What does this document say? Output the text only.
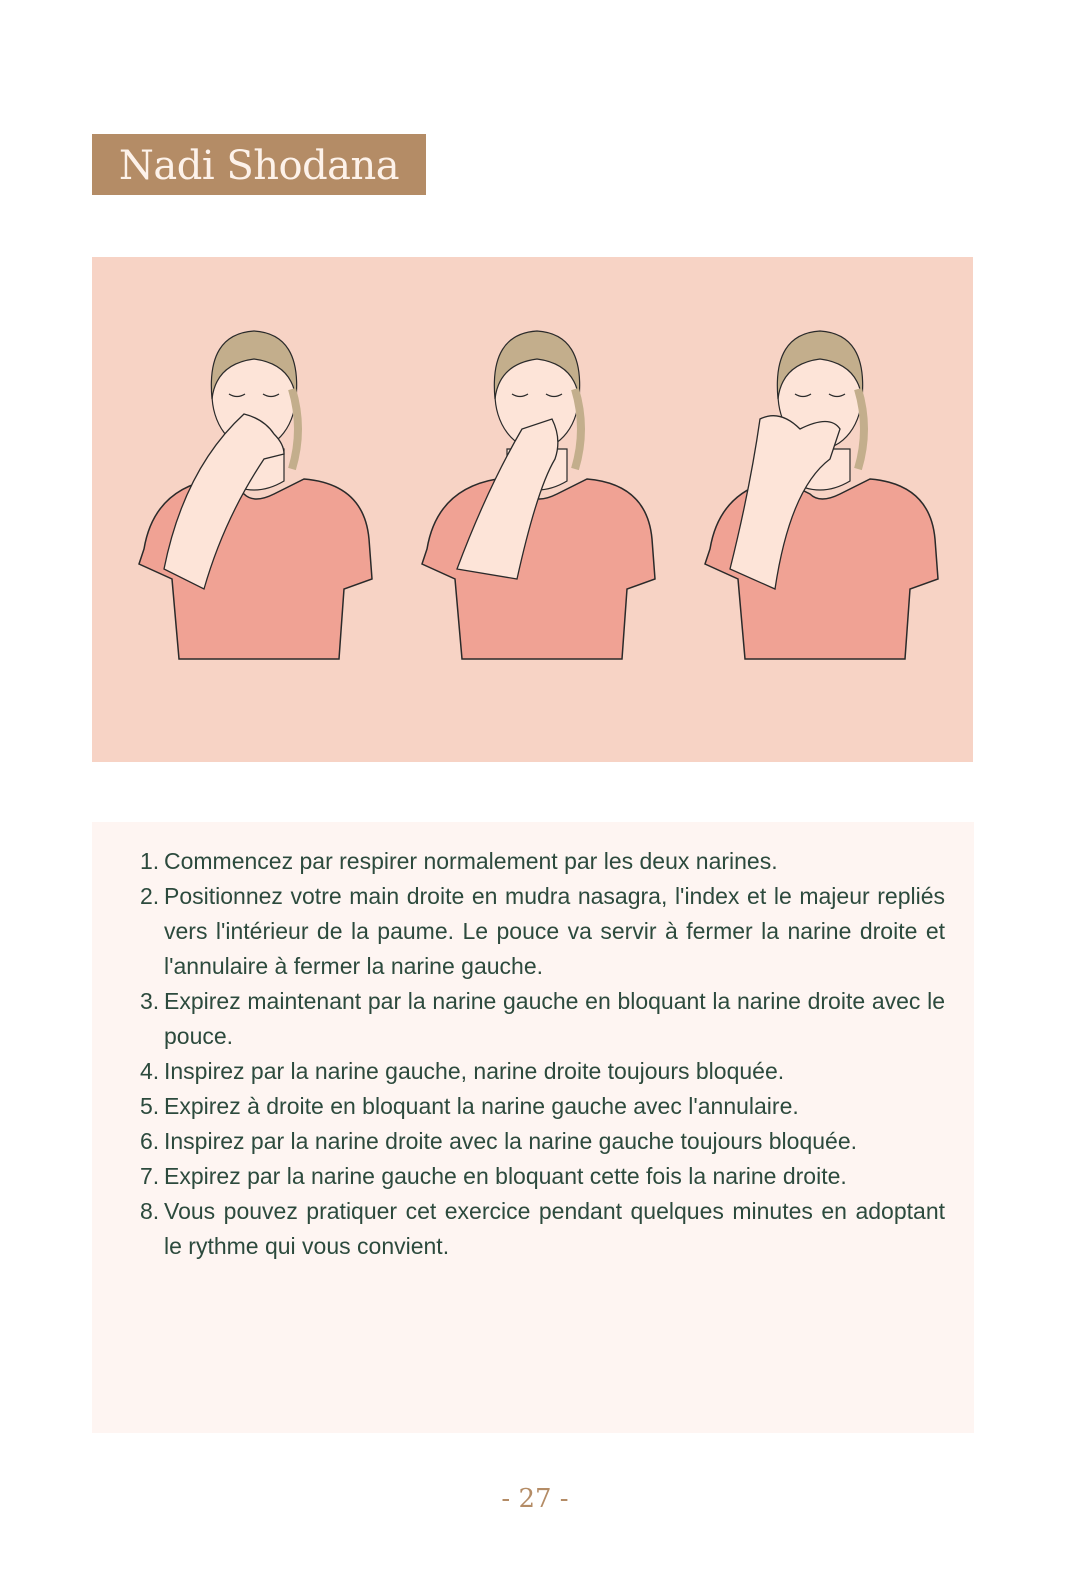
Nadi Shodana
1. Commencez par respirer normalement par les deux narines.
2. Positionnez votre main droite en mudra nasagra, l'index et le majeur repliés vers l'intérieur de la paume. Le pouce va servir à fermer la narine droite et l'annulaire à fermer la narine gauche.
3. Expirez maintenant par la narine gauche en bloquant la narine droite avec le pouce.
4. Inspirez par la narine gauche, narine droite toujours bloquée.
5. Expirez à droite en bloquant la narine gauche avec l'annulaire.
6. Inspirez par la narine droite avec la narine gauche toujours bloquée.
7. Expirez par la narine gauche en bloquant cette fois la narine droite.
8. Vous pouvez pratiquer cet exercice pendant quelques minutes en adoptant le rythme qui vous convient.
- 27 -
